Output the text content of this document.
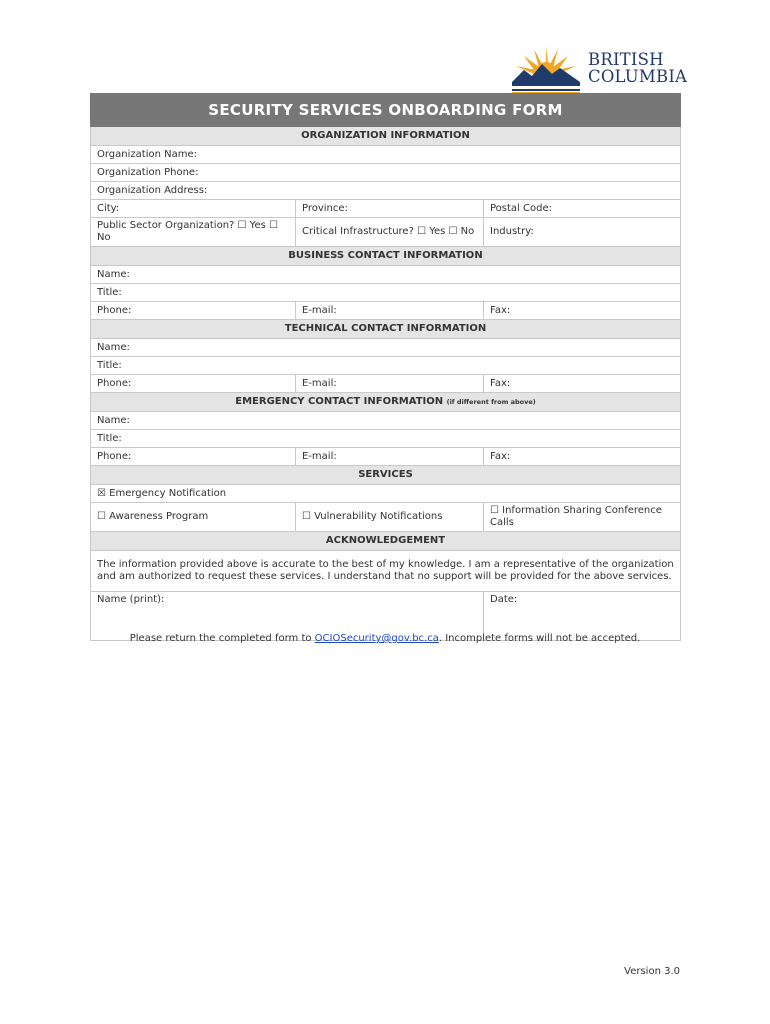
BRITISH
COLUMBIA
SECURITY SERVICES ONBOARDING FORM		
ORGANIZATION INFORMATION		
Organization Name:		
Organization Phone:		
Organization Address:		
City:	Province:	Postal Code:
Public Sector Organization? ☐ Yes ☐ No	Critical Infrastructure? ☐ Yes ☐ No	Industry:
BUSINESS CONTACT INFORMATION		
Name:		
Title:		
Phone:	E-mail:	Fax:
TECHNICAL CONTACT INFORMATION		
Name:		
Title:		
Phone:	E-mail:	Fax:
EMERGENCY CONTACT INFORMATION (if different from above)		
Name:		
Title:		
Phone:	E-mail:	Fax:
SERVICES		
☒ Emergency Notification		
☐ Awareness Program	☐ Vulnerability Notifications	☐ Information Sharing Conference Calls
ACKNOWLEDGEMENT		
The information provided above is accurate to the best of my knowledge. I am a representative of the organization and am authorized to request these services. I understand that no support will be provided for the above services.		
Name (print):		Date:
Please return the completed form to OCIOSecurity@gov.bc.ca. Incomplete forms will not be accepted.
Version 3.0
